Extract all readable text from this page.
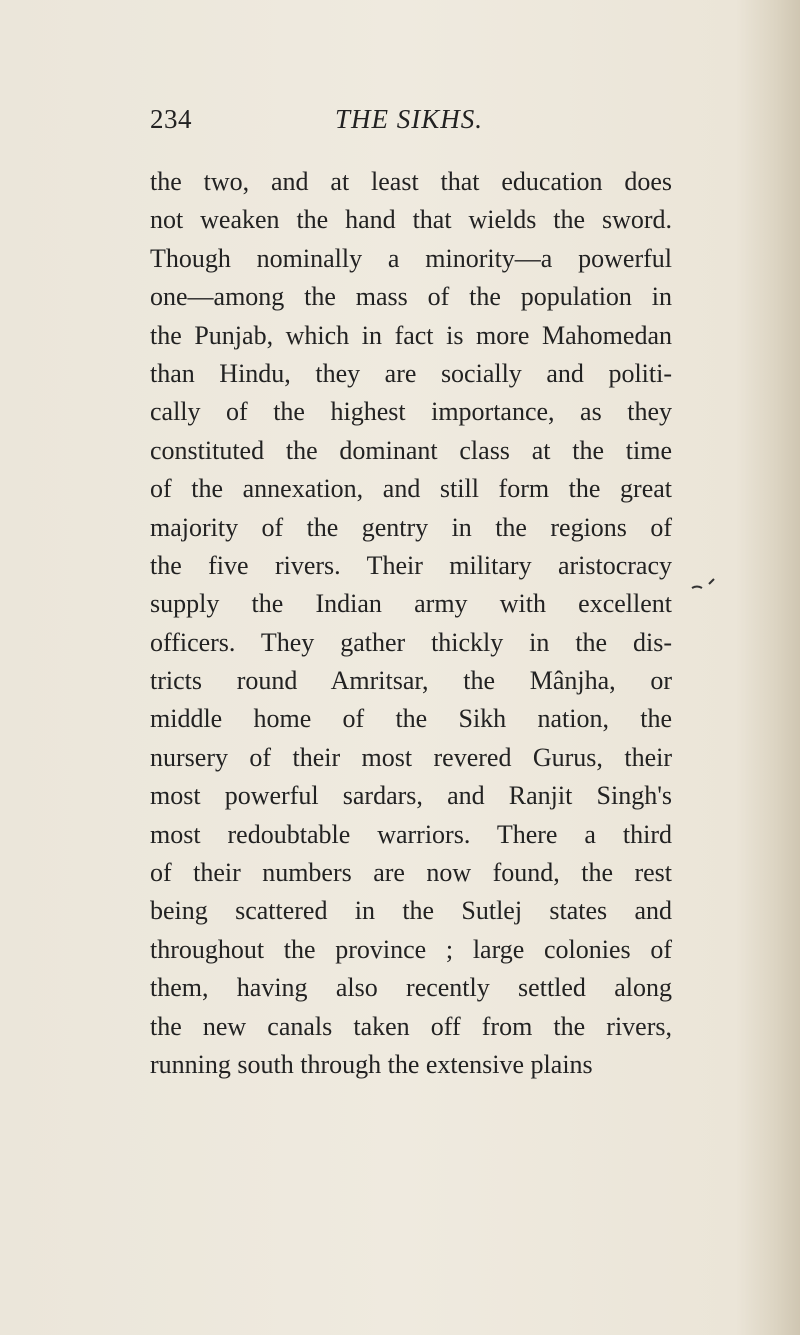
234	THE SIKHS.
the two, and at least that education does
not weaken the hand that wields the sword.
Though nominally a minority—a powerful
one—among the mass of the population in
the Punjab, which in fact is more Mahomedan
than Hindu, they are socially and politi-
cally of the highest importance, as they
constituted the dominant class at the time
of the annexation, and still form the great
majority of the gentry in the regions of
the five rivers. Their military aristocracy
supply the Indian army with excellent
officers. They gather thickly in the dis-
tricts round Amritsar, the Mânjha, or
middle home of the Sikh nation, the
nursery of their most revered Gurus, their
most powerful sardars, and Ranjit Singh's
most redoubtable warriors. There a third
of their numbers are now found, the rest
being scattered in the Sutlej states and
throughout the province ; large colonies of
them, having also recently settled along
the new canals taken off from the rivers,
running south through the extensive plains
